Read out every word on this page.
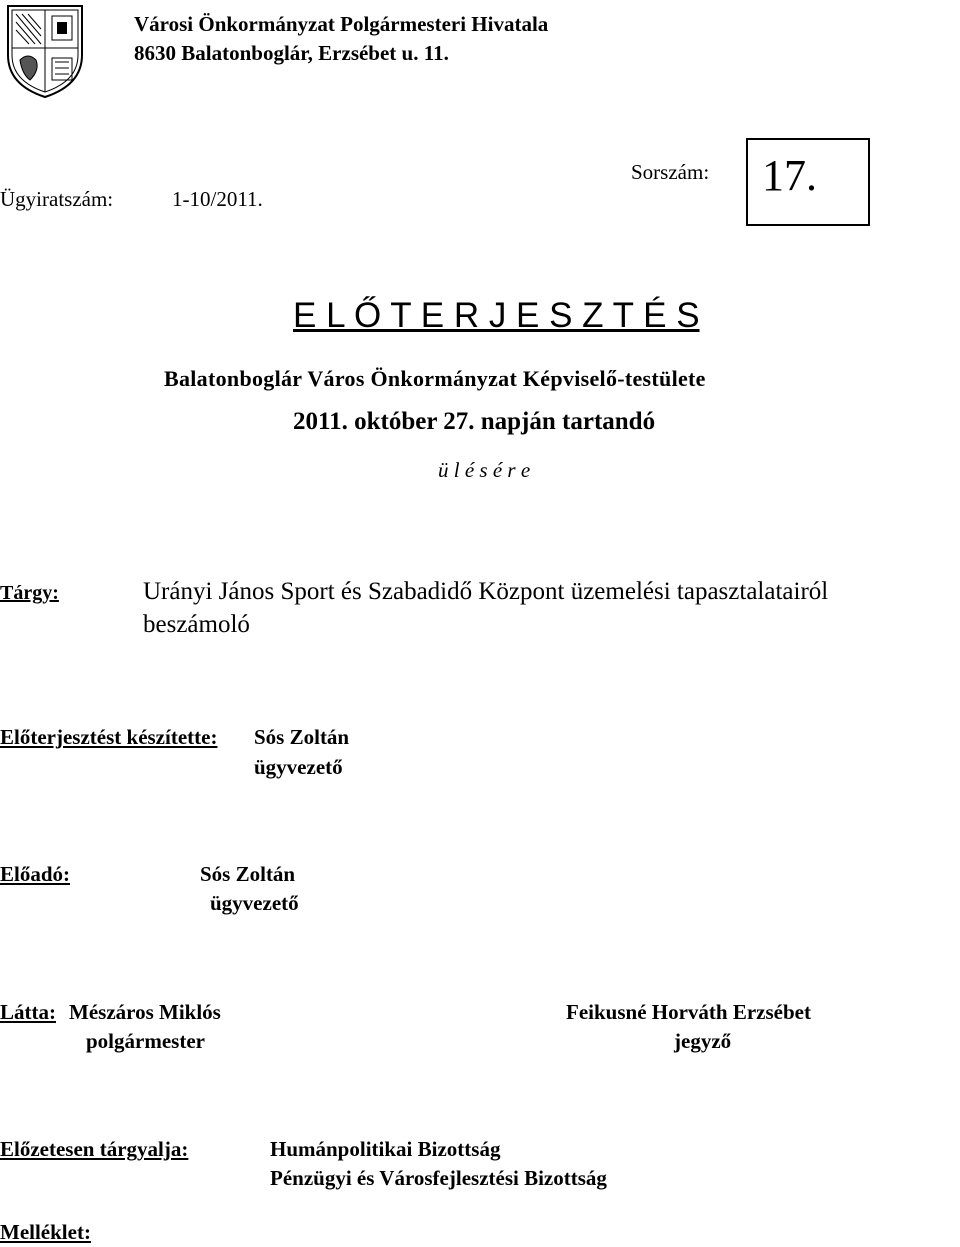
Városi Önkormányzat Polgármesteri Hivatala
8630 Balatonboglár, Erzsébet u. 11.
Ügyiratszám:	1-10/2011.
Sorszám: 17.
E L Ő T E R J E S Z T É S
Balatonboglár Város Önkormányzat Képviselő-testülete
2011. október 27. napján tartandó
ü l é s é r e
Tárgy:	Urányi János Sport és Szabadidő Központ üzemelési tapasztalatairól
beszámoló
Előterjesztést készítette: Sós Zoltán
ügyvezető
Előadó:	Sós Zoltán
ügyvezető
Látta: Mészáros Miklós
polgármester
Feikusné Horváth Erzsébet
jegyző
Előzetesen tárgyalja:	Humánpolitikai Bizottság
Pénzügyi és Városfejlesztési Bizottság
Melléklet:
